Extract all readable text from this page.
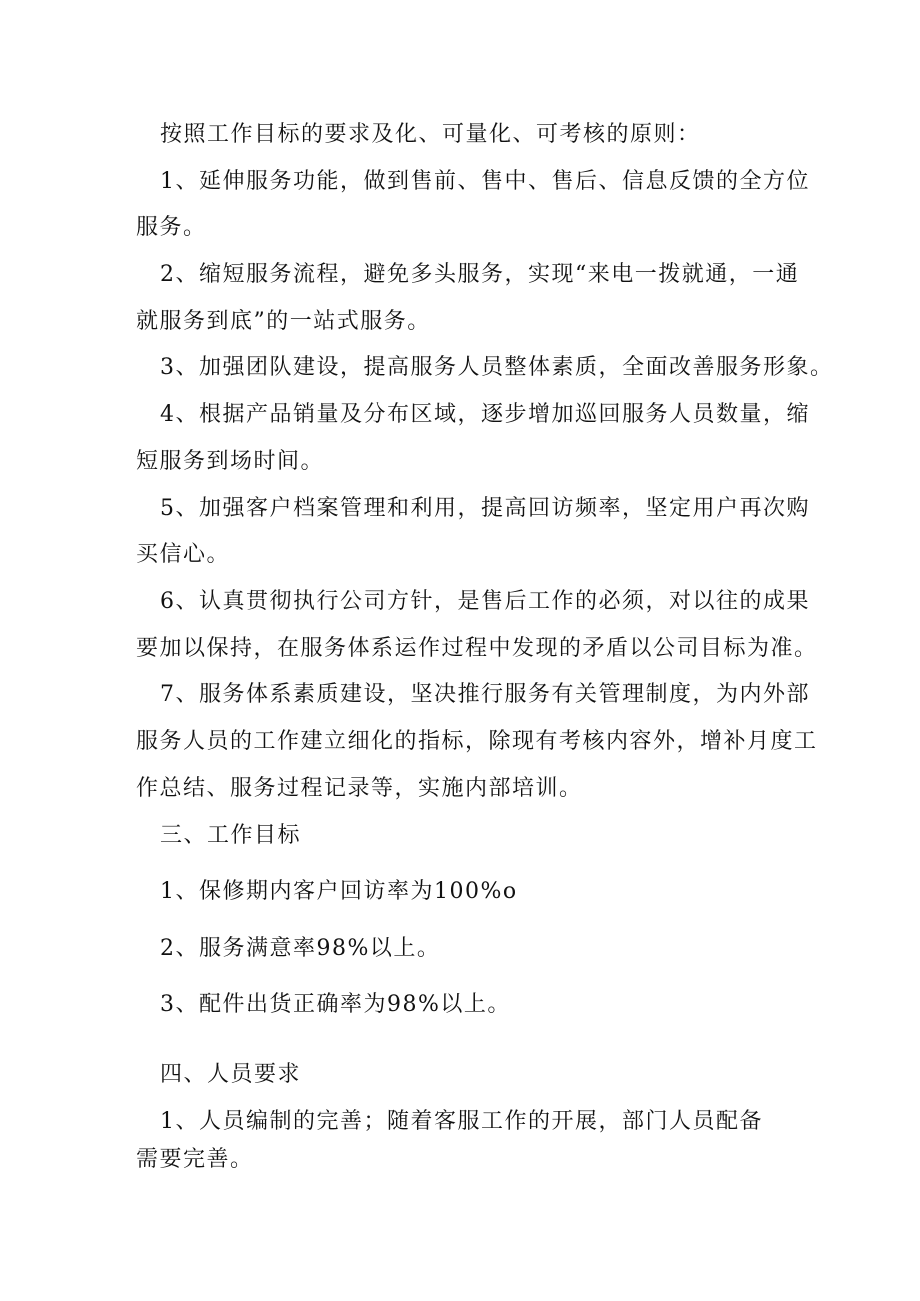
按照工作目标的要求及化、可量化、可考核的原则：
1、延伸服务功能，做到售前、售中、售后、信息反馈的全方位
服务。
2、缩短服务流程，避免多头服务，实现“来电一拨就通，一通
就服务到底”的一站式服务。
3、加强团队建设，提高服务人员整体素质，全面改善服务形象。
4、根据产品销量及分布区域，逐步增加巡回服务人员数量，缩
短服务到场时间。
5、加强客户档案管理和利用，提高回访频率，坚定用户再次购
买信心。
6、认真贯彻执行公司方针，是售后工作的必须，对以往的成果
要加以保持，在服务体系运作过程中发现的矛盾以公司目标为准。
7、服务体系素质建设，坚决推行服务有关管理制度，为内外部
服务人员的工作建立细化的指标，除现有考核内容外，增补月度工
作总结、服务过程记录等，实施内部培训。
三、工作目标
1、保修期内客户回访率为100%o
2、服务满意率98%以上。
3、配件出货正确率为98%以上。
四、人员要求
1、人员编制的完善；随着客服工作的开展，部门人员配备
需要完善。
